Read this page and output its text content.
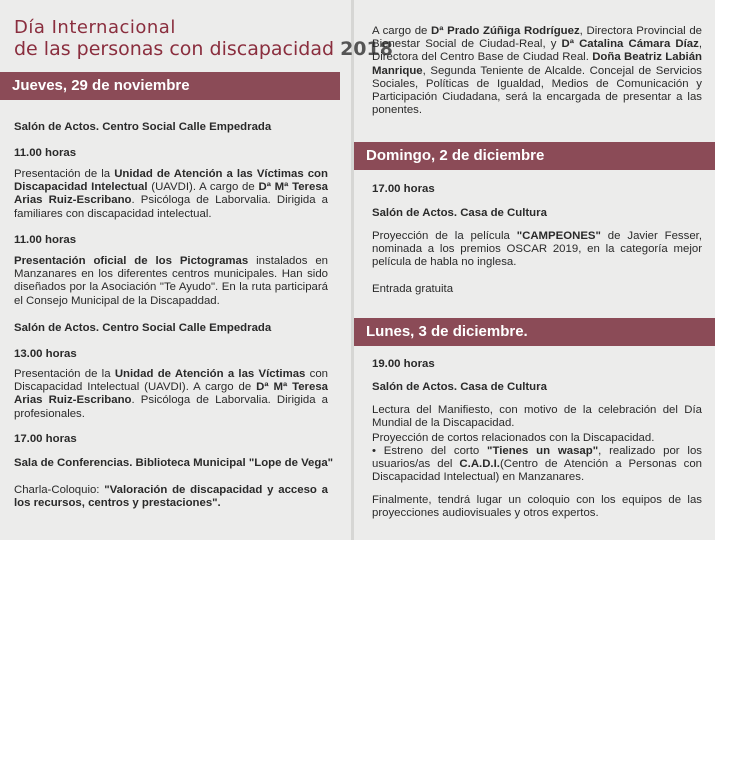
Día Internacional
de las personas con discapacidad 2018
Jueves, 29 de noviembre
Salón de Actos. Centro Social Calle Empedrada
11.00 horas
Presentación de la Unidad de Atención a las Víctimas con Discapacidad Intelectual (UAVDI). A cargo de Dª Mª Teresa Arias Ruiz-Escribano. Psicóloga de Laborvalia. Dirigida a familiares con discapacidad intelectual.
11.00 horas
Presentación oficial de los Pictogramas instalados en Manzanares en los diferentes centros municipales. Han sido diseñados por la Asociación "Te Ayudo". En la ruta participará el Consejo Municipal de la Discapaddad.
Salón de Actos. Centro Social Calle Empedrada
13.00 horas
Presentación de la Unidad de Atención a las Víctimas con Discapacidad Intelectual (UAVDI). A cargo de Dª Mª Teresa Arias Ruiz-Escribano. Psicóloga de Laborvalia. Dirigida a profesionales.
17.00 horas
Sala de Conferencias. Biblioteca Municipal "Lope de Vega"
Charla-Coloquio: "Valoración de discapacidad y acceso a los recursos, centros y prestaciones".
A cargo de Dª Prado Zúñiga Rodríguez, Directora Provincial de Bienestar Social de Ciudad-Real, y Dª Catalina Cámara Díaz, Directora del Centro Base de Ciudad Real. Doña Beatriz Labián Manrique, Segunda Teniente de Alcalde. Concejal de Servicios Sociales, Políticas de Igualdad, Medios de Comunicación y Participación Ciudadana, será la encargada de presentar a las ponentes.
Domingo, 2 de diciembre
17.00 horas
Salón de Actos. Casa de Cultura
Proyección de la película "CAMPEONES" de Javier Fesser, nominada a los premios OSCAR 2019, en la categoría mejor película de habla no inglesa.
Entrada gratuita
Lunes, 3 de diciembre.
19.00 horas
Salón de Actos. Casa de Cultura
Lectura del Manifiesto, con motivo de la celebración del Día Mundial de la Discapacidad.
Proyección de cortos relacionados con la Discapacidad.
• Estreno del corto "Tienes un wasap", realizado por los usuarios/as del C.A.D.I.(Centro de Atención a Personas con Discapacidad Intelectual) en Manzanares.
Finalmente, tendrá lugar un coloquio con los equipos de las proyecciones audiovisuales y otros expertos.
